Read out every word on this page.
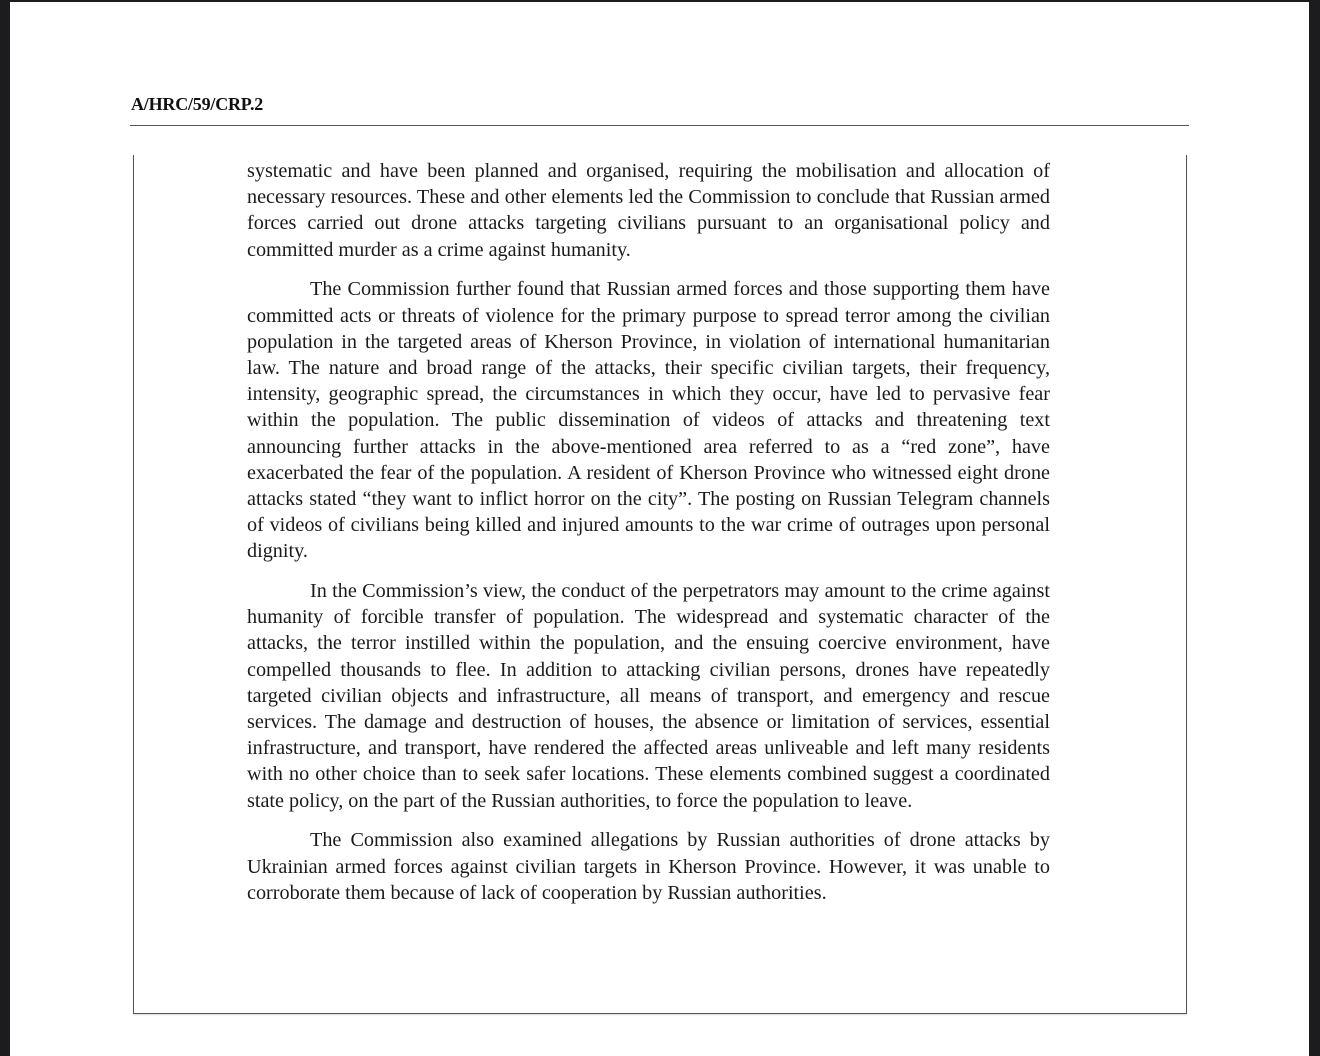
A/HRC/59/CRP.2

systematic and have been planned and organised, requiring the mobilisation and allocation of necessary resources. These and other elements led the Commission to conclude that Russian armed forces carried out drone attacks targeting civilians pursuant to an organisational policy and committed murder as a crime against humanity.

The Commission further found that Russian armed forces and those supporting them have committed acts or threats of violence for the primary purpose to spread terror among the civilian population in the targeted areas of Kherson Province, in violation of international humanitarian law. The nature and broad range of the attacks, their specific civilian targets, their frequency, intensity, geographic spread, the circumstances in which they occur, have led to pervasive fear within the population. The public dissemination of videos of attacks and threatening text announcing further attacks in the above-mentioned area referred to as a “red zone”, have exacerbated the fear of the population. A resident of Kherson Province who witnessed eight drone attacks stated “they want to inflict horror on the city”. The posting on Russian Telegram channels of videos of civilians being killed and injured amounts to the war crime of outrages upon personal dignity.

In the Commission’s view, the conduct of the perpetrators may amount to the crime against humanity of forcible transfer of population. The widespread and systematic character of the attacks, the terror instilled within the population, and the ensuing coercive environment, have compelled thousands to flee. In addition to attacking civilian persons, drones have repeatedly targeted civilian objects and infrastructure, all means of transport, and emergency and rescue services. The damage and destruction of houses, the absence or limitation of services, essential infrastructure, and transport, have rendered the affected areas unliveable and left many residents with no other choice than to seek safer locations. These elements combined suggest a coordinated state policy, on the part of the Russian authorities, to force the population to leave.

The Commission also examined allegations by Russian authorities of drone attacks by Ukrainian armed forces against civilian targets in Kherson Province. However, it was unable to corroborate them because of lack of cooperation by Russian authorities.
